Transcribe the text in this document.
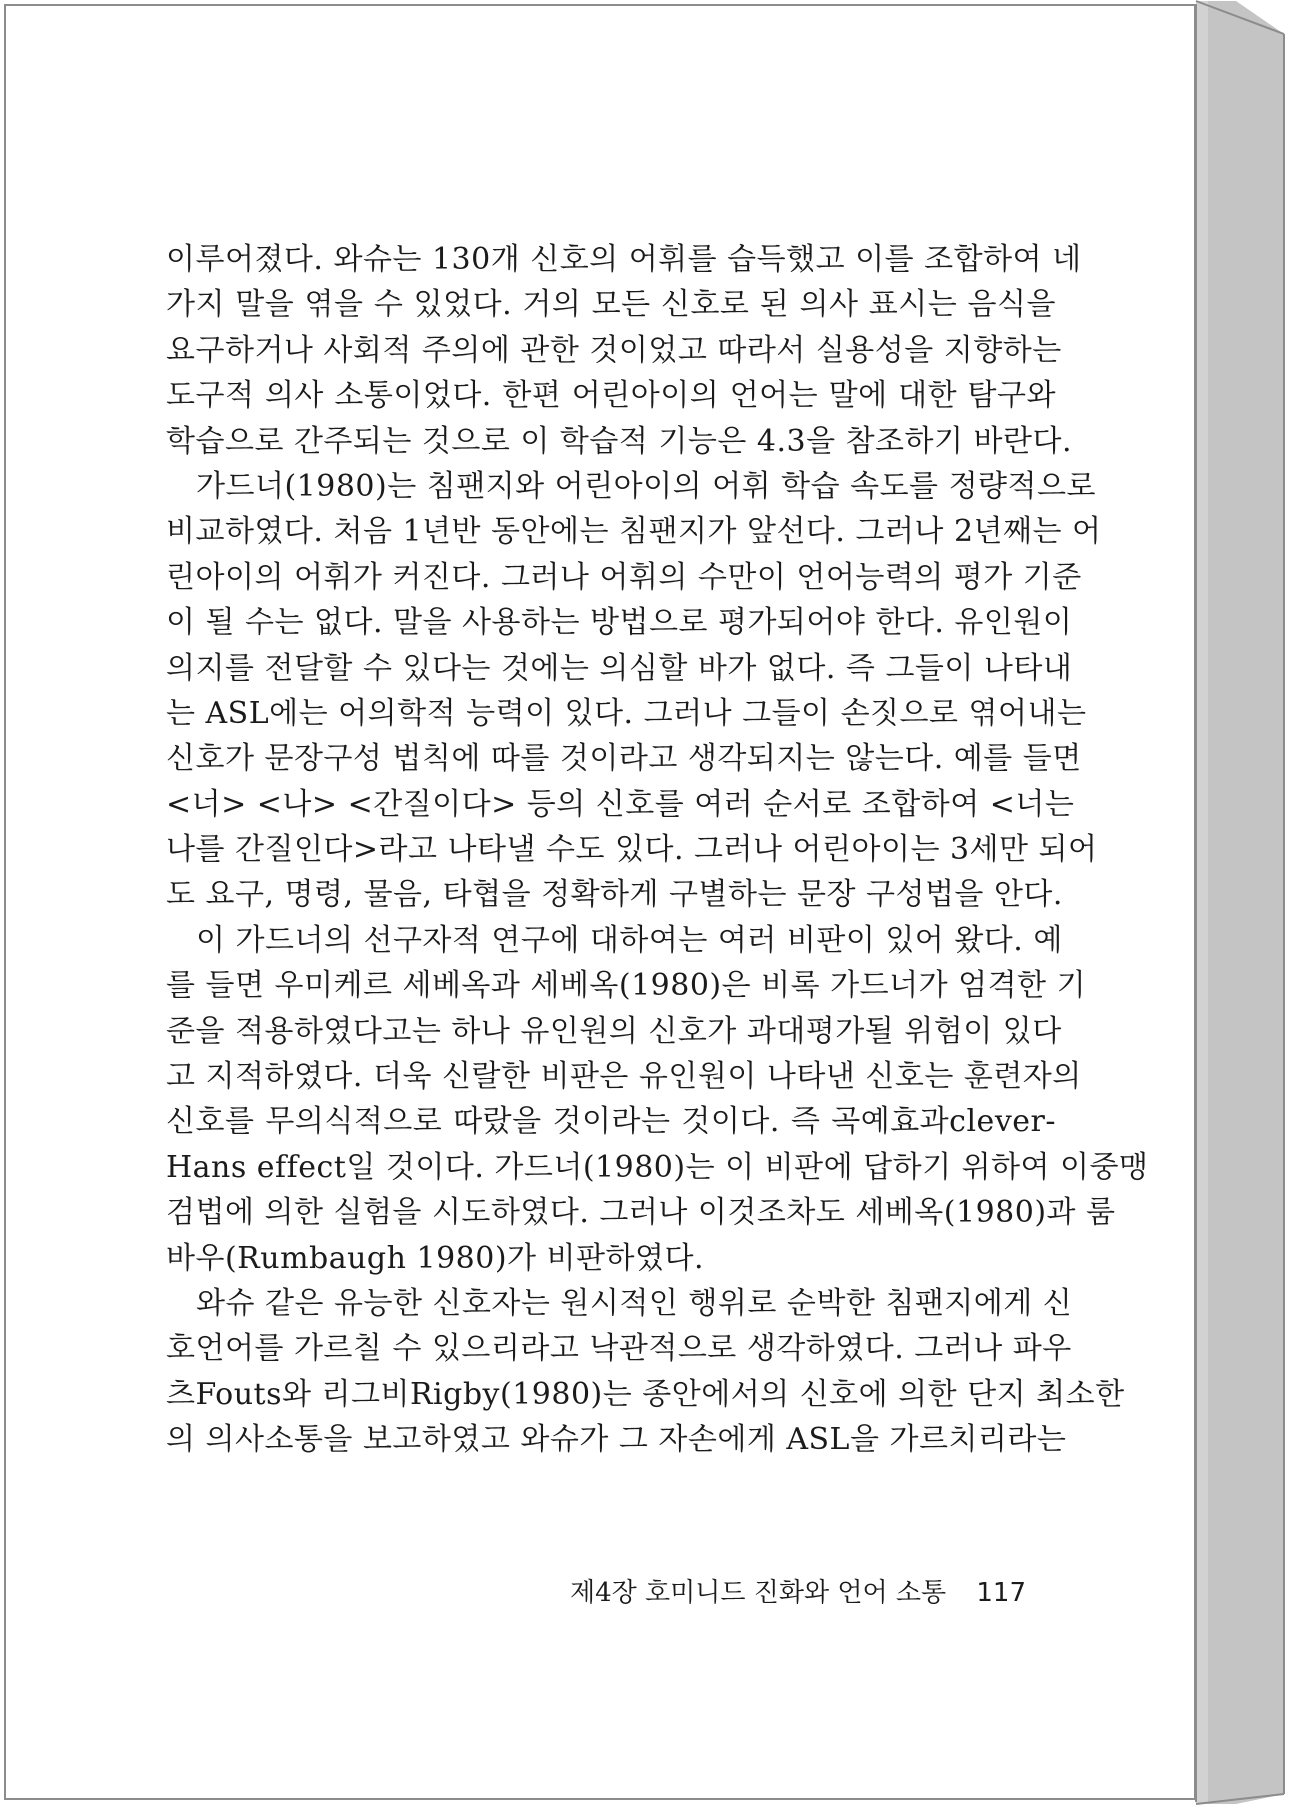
이루어졌다. 와슈는 130개 신호의 어휘를 습득했고 이를 조합하여 네
가지 말을 엮을 수 있었다. 거의 모든 신호로 된 의사 표시는 음식을
요구하거나 사회적 주의에 관한 것이었고 따라서 실용성을 지향하는
도구적 의사 소통이었다. 한편 어린아이의 언어는 말에 대한 탐구와
학습으로 간주되는 것으로 이 학습적 기능은 4.3을 참조하기 바란다.
가드너(1980)는 침팬지와 어린아이의 어휘 학습 속도를 정량적으로
비교하였다. 처음 1년반 동안에는 침팬지가 앞선다. 그러나 2년째는 어
린아이의 어휘가 커진다. 그러나 어휘의 수만이 언어능력의 평가 기준
이 될 수는 없다. 말을 사용하는 방법으로 평가되어야 한다. 유인원이
의지를 전달할 수 있다는 것에는 의심할 바가 없다. 즉 그들이 나타내
는 ASL에는 어의학적 능력이 있다. 그러나 그들이 손짓으로 엮어내는
신호가 문장구성 법칙에 따를 것이라고 생각되지는 않는다. 예를 들면
<너> <나> <간질이다> 등의 신호를 여러 순서로 조합하여 <너는
나를 간질인다>라고 나타낼 수도 있다. 그러나 어린아이는 3세만 되어
도 요구, 명령, 물음, 타협을 정확하게 구별하는 문장 구성법을 안다.
이 가드너의 선구자적 연구에 대하여는 여러 비판이 있어 왔다. 예
를 들면 우미케르 세베옥과 세베옥(1980)은 비록 가드너가 엄격한 기
준을 적용하였다고는 하나 유인원의 신호가 과대평가될 위험이 있다
고 지적하였다. 더욱 신랄한 비판은 유인원이 나타낸 신호는 훈련자의
신호를 무의식적으로 따랐을 것이라는 것이다. 즉 곡예효과clever-
Hans effect일 것이다. 가드너(1980)는 이 비판에 답하기 위하여 이중맹
검법에 의한 실험을 시도하였다. 그러나 이것조차도 세베옥(1980)과 룸
바우(Rumbaugh 1980)가 비판하였다.
와슈 같은 유능한 신호자는 원시적인 행위로 순박한 침팬지에게 신
호언어를 가르칠 수 있으리라고 낙관적으로 생각하였다. 그러나 파우
츠Fouts와 리그비Rigby(1980)는 종안에서의 신호에 의한 단지 최소한
의 의사소통을 보고하였고 와슈가 그 자손에게 ASL을 가르치리라는
제4장 호미니드 진화와 언어 소통 117
